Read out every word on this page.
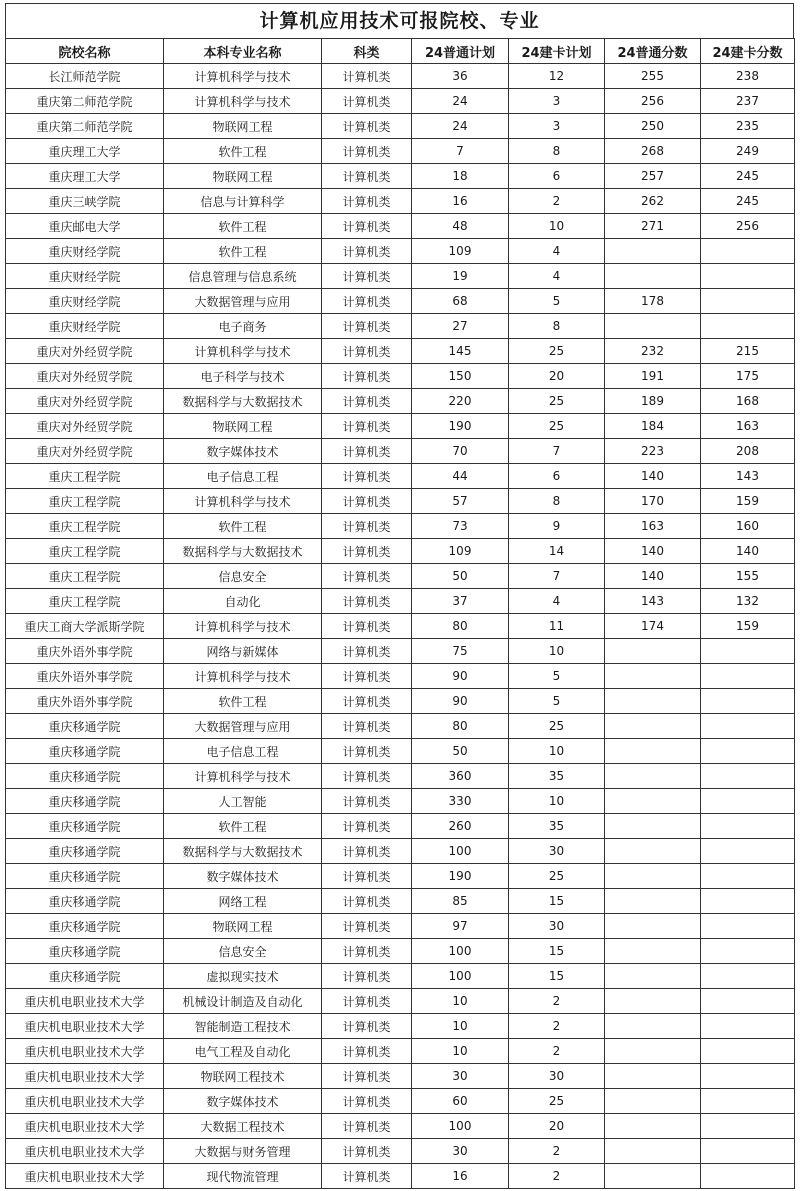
计算机应用技术可报院校、专业
院校名称	本科专业名称	科类	24普通计划	24建卡计划	24普通分数	24建卡分数
长江师范学院	计算机科学与技术	计算机类	36	12	255	238
重庆第二师范学院	计算机科学与技术	计算机类	24	3	256	237
重庆第二师范学院	物联网工程	计算机类	24	3	250	235
重庆理工大学	软件工程	计算机类	7	8	268	249
重庆理工大学	物联网工程	计算机类	18	6	257	245
重庆三峡学院	信息与计算科学	计算机类	16	2	262	245
重庆邮电大学	软件工程	计算机类	48	10	271	256
重庆财经学院	软件工程	计算机类	109	4		
重庆财经学院	信息管理与信息系统	计算机类	19	4		
重庆财经学院	大数据管理与应用	计算机类	68	5	178	
重庆财经学院	电子商务	计算机类	27	8		
重庆对外经贸学院	计算机科学与技术	计算机类	145	25	232	215
重庆对外经贸学院	电子科学与技术	计算机类	150	20	191	175
重庆对外经贸学院	数据科学与大数据技术	计算机类	220	25	189	168
重庆对外经贸学院	物联网工程	计算机类	190	25	184	163
重庆对外经贸学院	数字媒体技术	计算机类	70	7	223	208
重庆工程学院	电子信息工程	计算机类	44	6	140	143
重庆工程学院	计算机科学与技术	计算机类	57	8	170	159
重庆工程学院	软件工程	计算机类	73	9	163	160
重庆工程学院	数据科学与大数据技术	计算机类	109	14	140	140
重庆工程学院	信息安全	计算机类	50	7	140	155
重庆工程学院	自动化	计算机类	37	4	143	132
重庆工商大学派斯学院	计算机科学与技术	计算机类	80	11	174	159
重庆外语外事学院	网络与新媒体	计算机类	75	10		
重庆外语外事学院	计算机科学与技术	计算机类	90	5		
重庆外语外事学院	软件工程	计算机类	90	5		
重庆移通学院	大数据管理与应用	计算机类	80	25		
重庆移通学院	电子信息工程	计算机类	50	10		
重庆移通学院	计算机科学与技术	计算机类	360	35		
重庆移通学院	人工智能	计算机类	330	10		
重庆移通学院	软件工程	计算机类	260	35		
重庆移通学院	数据科学与大数据技术	计算机类	100	30		
重庆移通学院	数字媒体技术	计算机类	190	25		
重庆移通学院	网络工程	计算机类	85	15		
重庆移通学院	物联网工程	计算机类	97	30		
重庆移通学院	信息安全	计算机类	100	15		
重庆移通学院	虚拟现实技术	计算机类	100	15		
重庆机电职业技术大学	机械设计制造及自动化	计算机类	10	2		
重庆机电职业技术大学	智能制造工程技术	计算机类	10	2		
重庆机电职业技术大学	电气工程及自动化	计算机类	10	2		
重庆机电职业技术大学	物联网工程技术	计算机类	30	30		
重庆机电职业技术大学	数字媒体技术	计算机类	60	25		
重庆机电职业技术大学	大数据工程技术	计算机类	100	20		
重庆机电职业技术大学	大数据与财务管理	计算机类	30	2		
重庆机电职业技术大学	现代物流管理	计算机类	16	2		
